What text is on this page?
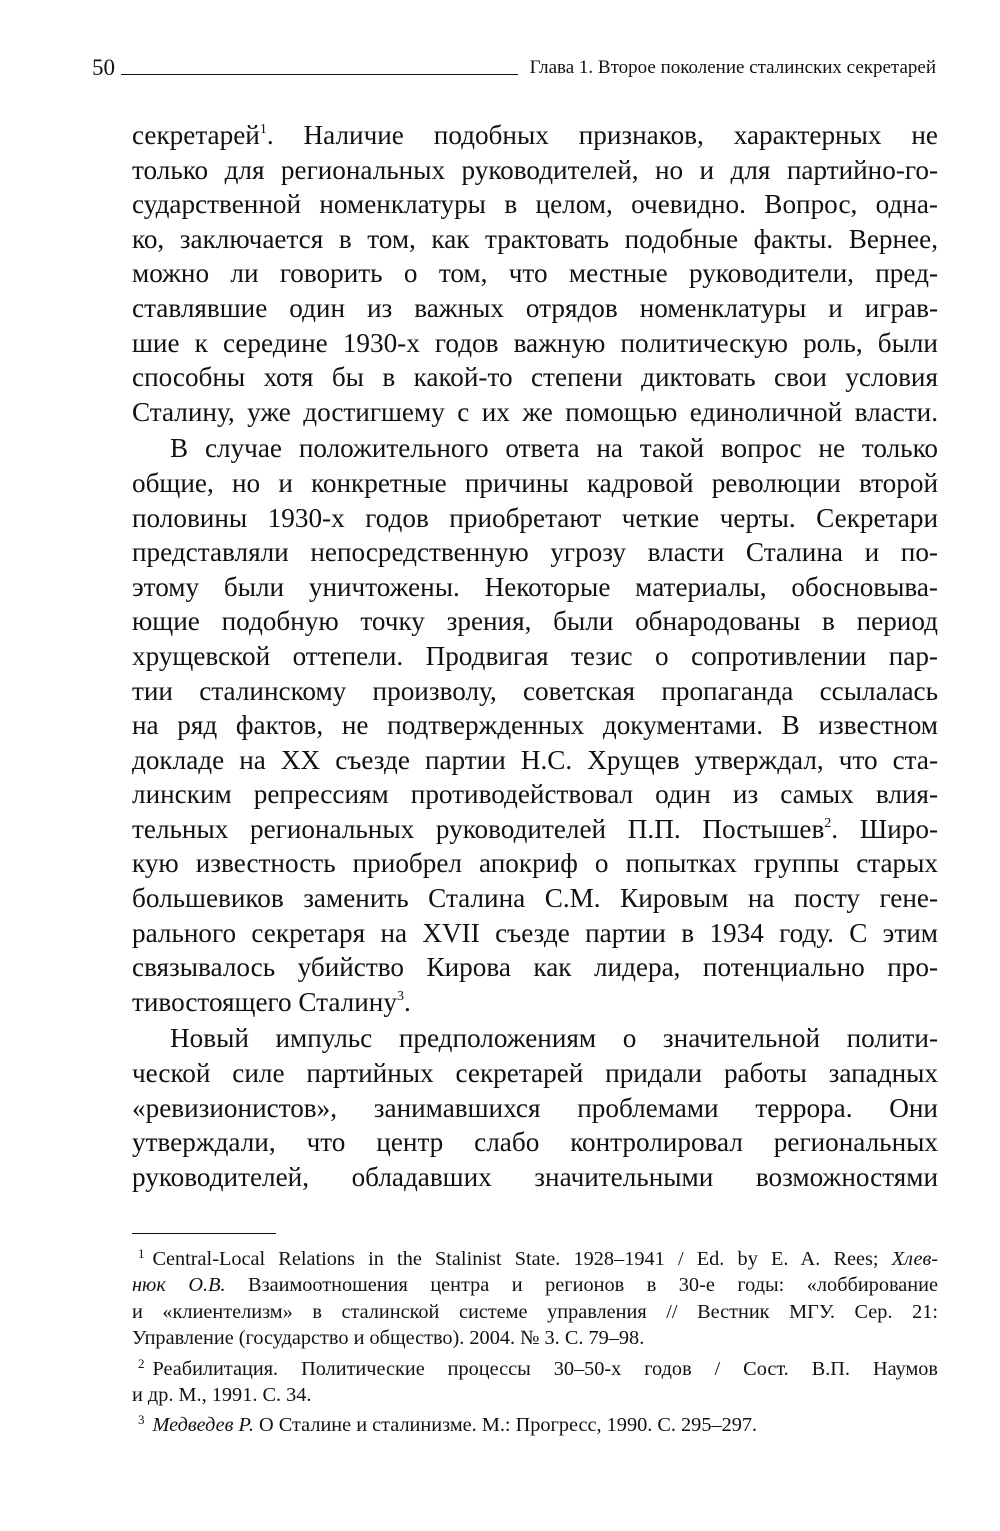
50	Глава 1. Второе поколение сталинских секретарей
секретарей$^1$. Наличие подобных признаков, характерных не
только для региональных руководителей, но и для партийно-го-
сударственной номенклатуры в целом, очевидно. Вопрос, одна-
ко, заключается в том, как трактовать подобные факты. Вернее,
можно ли говорить о том, что местные руководители, пред-
ставлявшие один из важных отрядов номенклатуры и играв-
шие к середине 1930-х годов важную политическую роль, были
способны хотя бы в какой-то степени диктовать свои условия
Сталину, уже достигшему с их же помощью единоличной власти.
В случае положительного ответа на такой вопрос не только
общие, но и конкретные причины кадровой революции второй
половины 1930-х годов приобретают четкие черты. Секретари
представляли непосредственную угрозу власти Сталина и по-
этому были уничтожены. Некоторые материалы, обосновыва-
ющие подобную точку зрения, были обнародованы в период
хрущевской оттепели. Продвигая тезис о сопротивлении пар-
тии сталинскому произволу, советская пропаганда ссылалась
на ряд фактов, не подтвержденных документами. В известном
докладе на XX съезде партии Н.С. Хрущев утверждал, что ста-
линским репрессиям противодействовал один из самых влия-
тельных региональных руководителей П.П. Постышев$^2$. Широ-
кую известность приобрел апокриф о попытках группы старых
большевиков заменить Сталина С.М. Кировым на посту гене-
рального секретаря на XVII съезде партии в 1934 году. С этим
связывалось убийство Кирова как лидера, потенциально про-
тивостоящего Сталину$^3$.
Новый импульс предположениям о значительной полити-
ческой силе партийных секретарей придали работы западных
«ревизионистов», занимавшихся проблемами террора. Они
утверждали, что центр слабо контролировал региональных
руководителей, обладавших значительными возможностями
$^1$ Central-Local Relations in the Stalinist State. 1928–1941 / Ed. by E. A. Rees; Хлев-
нюк О.В. Взаимоотношения центра и регионов в 30-е годы: «лоббирование
и «клиентелизм» в сталинской системе управления // Вестник МГУ. Сер. 21:
Управление (государство и общество). 2004. № 3. С. 79–98.
$^2$ Реабилитация. Политические процессы 30–50-х годов / Сост. В.П. Наумов
и др. М., 1991. С. 34.
$^3$ Медведев Р. О Сталине и сталинизме. М.: Прогресс, 1990. С. 295–297.
